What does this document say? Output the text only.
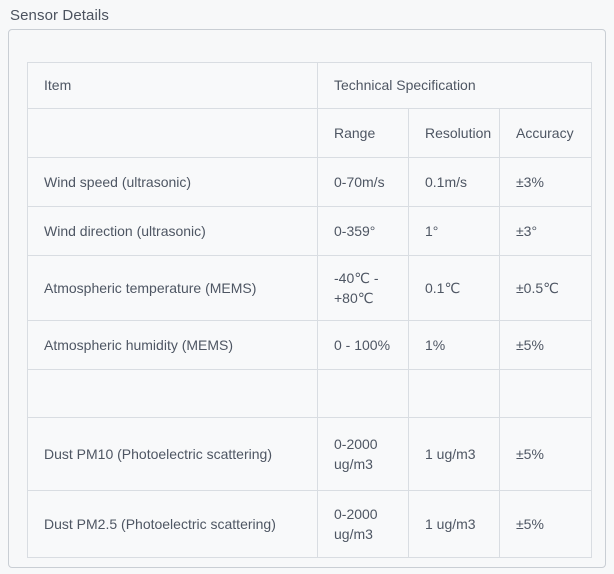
Sensor Details
Item	Technical Specification		
	Range	Resolution	Accuracy
Wind speed (ultrasonic)	0-70m/s	0.1m/s	±3%
Wind direction (ultrasonic)	0-359°	1°	±3°
Atmospheric temperature (MEMS)	-40℃ - +80℃	0.1℃	±0.5℃
Atmospheric humidity (MEMS)	0 - 100%	1%	±5%

Dust PM10 (Photoelectric scattering)	0-2000 ug/m3	1 ug/m3	±5%
Dust PM2.5 (Photoelectric scattering)	0-2000 ug/m3	1 ug/m3	±5%
